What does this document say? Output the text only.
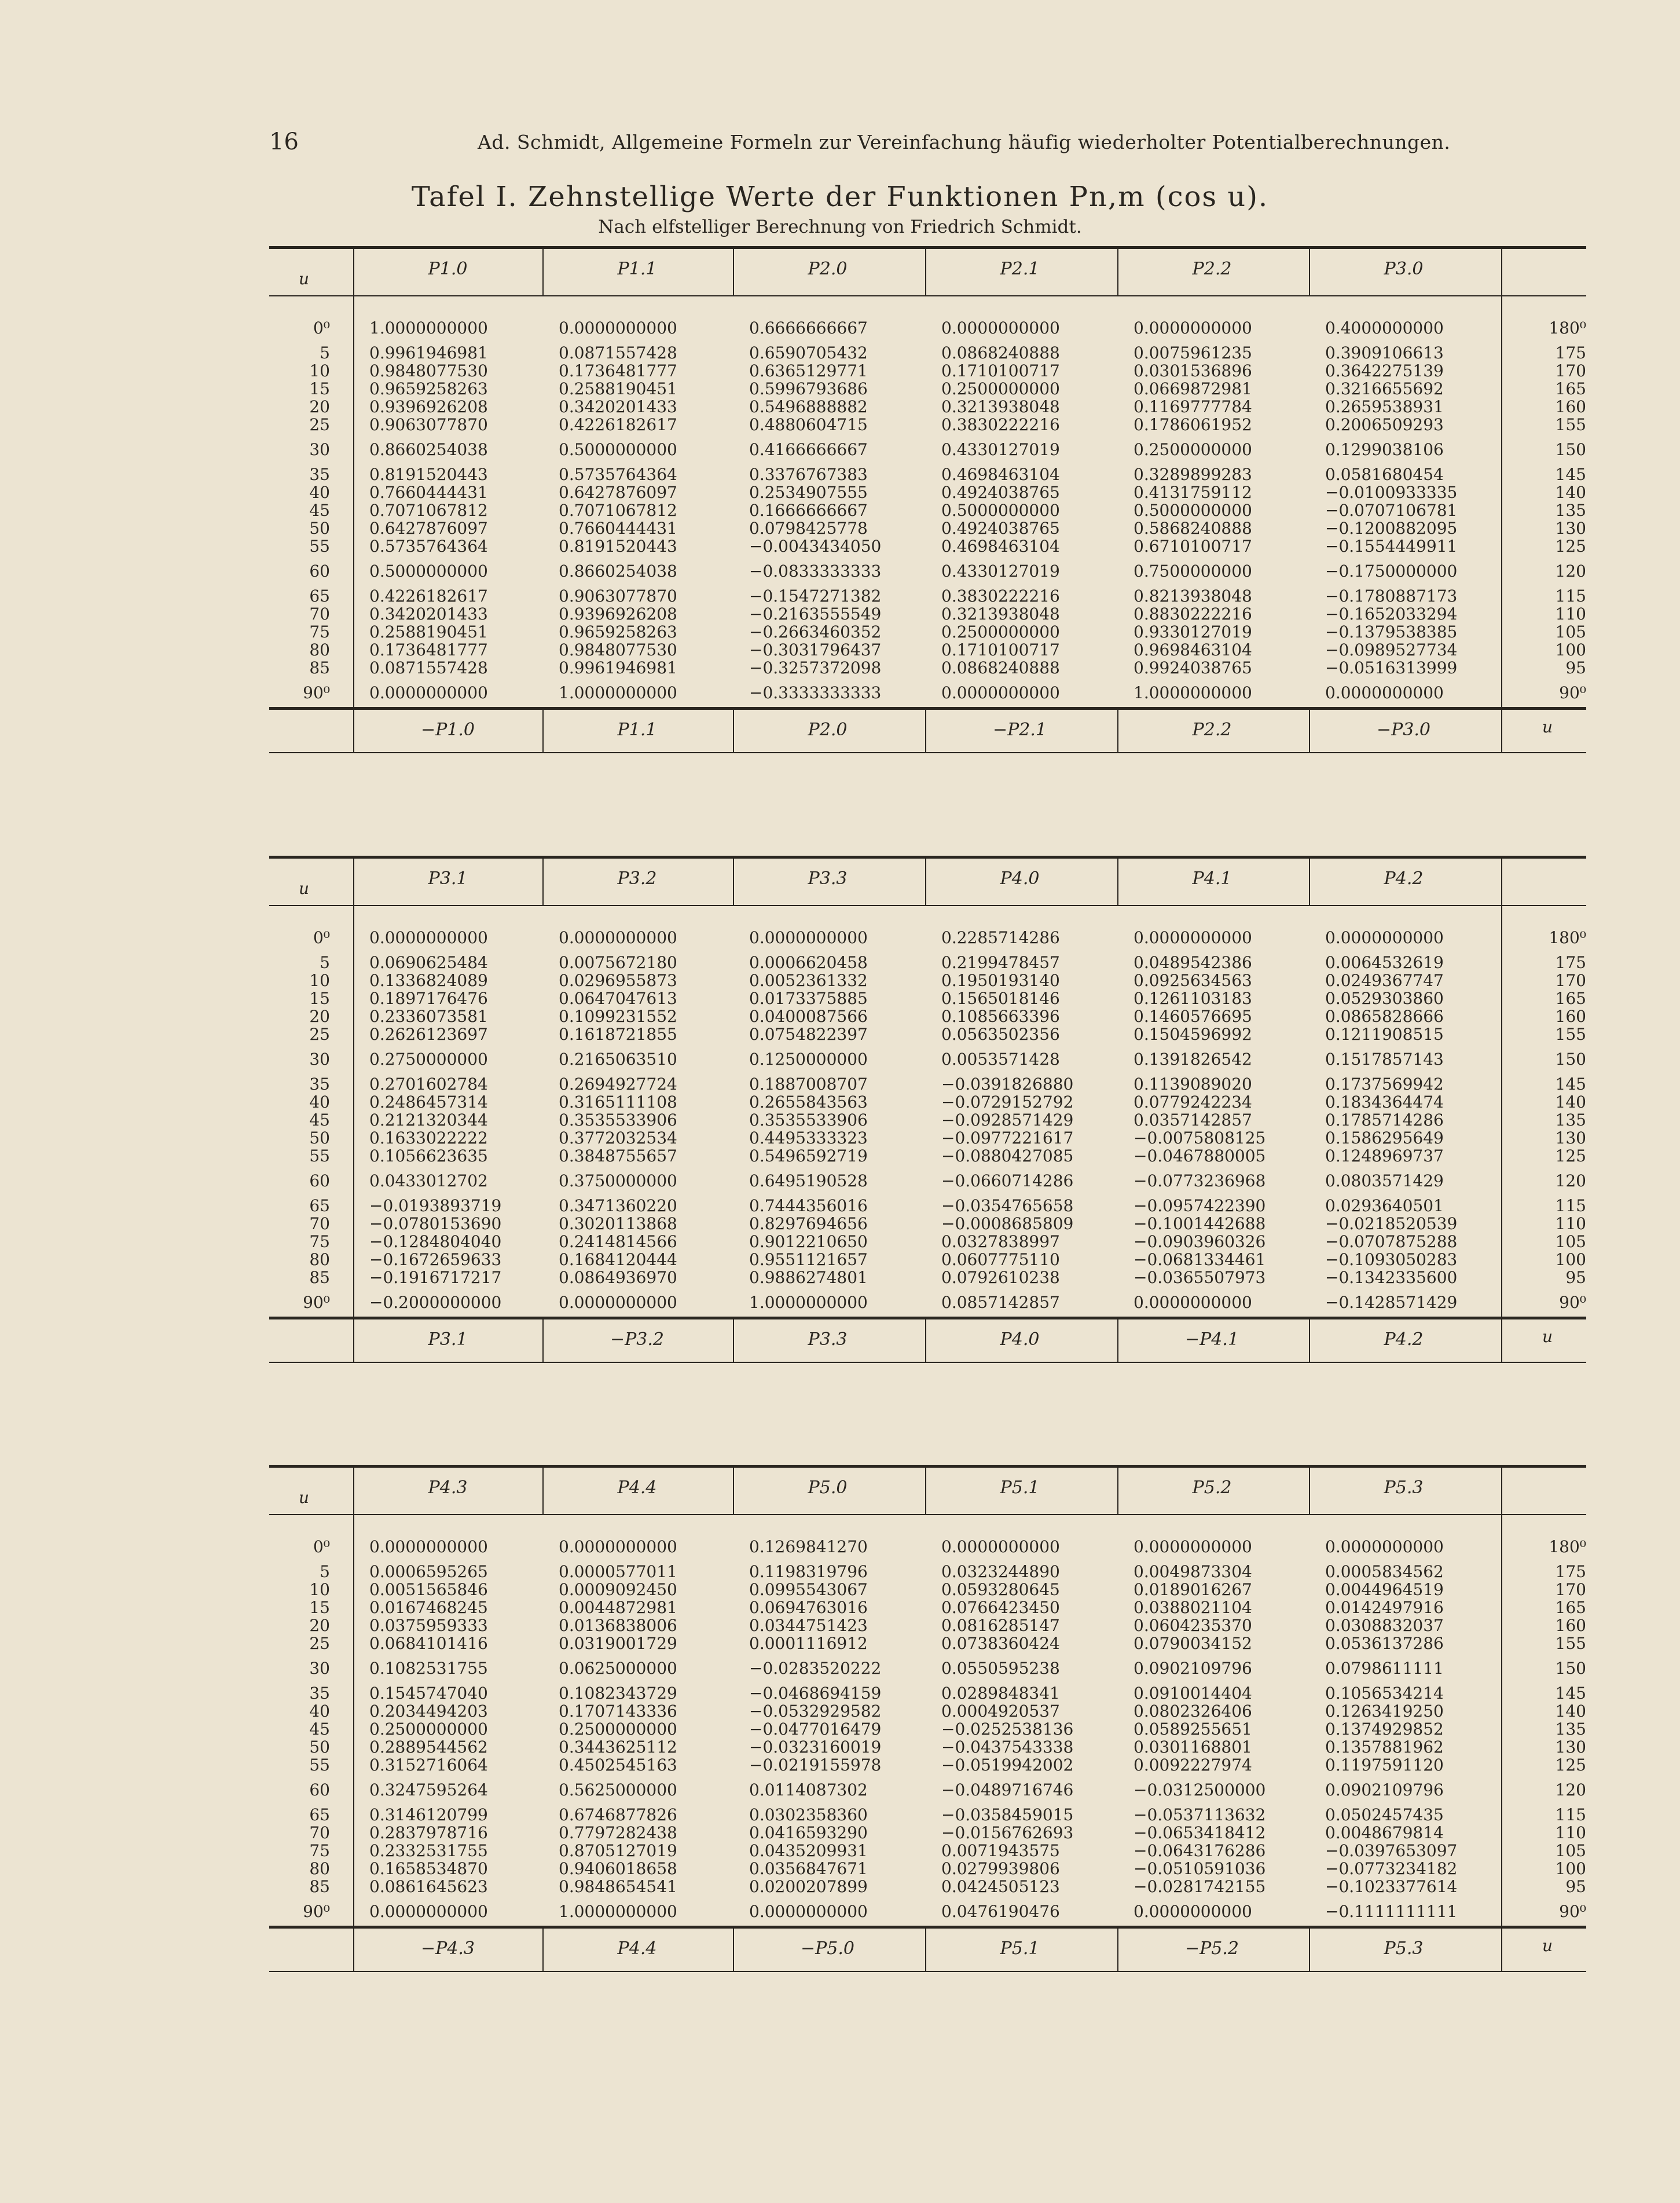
16	Ad. Schmidt, Allgemeine Formeln zur Vereinfachung häufig wiederholter Potentialberechnungen.
Tafel I. Zehnstellige Werte der Funktionen Pn,m (cos u).
Nach elfstelliger Berechnung von Friedrich Schmidt.
u	P1.0	P1.1	P2.0	P2.1	P2.2	P3.0
0⁰ 1.0000000000	0.0000000000	0.6666666667	0.0000000000	0.0000000000	0.4000000000	180⁰
5 0.9961946981	0.0871557428	0.6590705432	0.0868240888	0.0075961235	0.3909106613	175
10 0.9848077530	0.1736481777	0.6365129771	0.1710100717	0.0301536896	0.3642275139	170
15 0.9659258263	0.2588190451	0.5996793686	0.2500000000	0.0669872981	0.3216655692	165
20 0.9396926208	0.3420201433	0.5496888882	0.3213938048	0.1169777784	0.2659538931	160
25 0.9063077870	0.4226182617	0.4880604715	0.3830222216	0.1786061952	0.2006509293	155
30 0.8660254038	0.5000000000	0.4166666667	0.4330127019	0.2500000000	0.1299038106	150
35 0.8191520443	0.5735764364	0.3376767383	0.4698463104	0.3289899283	0.0581680454	145
40 0.7660444431	0.6427876097	0.2534907555	0.4924038765	0.4131759112	−0.0100933335	140
45 0.7071067812	0.7071067812	0.1666666667	0.5000000000	0.5000000000	−0.0707106781	135
50 0.6427876097	0.7660444431	0.0798425778	0.4924038765	0.5868240888	−0.1200882095	130
55 0.5735764364	0.8191520443	−0.0043434050	0.4698463104	0.6710100717	−0.1554449911	125
60 0.5000000000	0.8660254038	−0.0833333333	0.4330127019	0.7500000000	−0.1750000000	120
65 0.4226182617	0.9063077870	−0.1547271382	0.3830222216	0.8213938048	−0.1780887173	115
70 0.3420201433	0.9396926208	−0.2163555549	0.3213938048	0.8830222216	−0.1652033294	110
75 0.2588190451	0.9659258263	−0.2663460352	0.2500000000	0.9330127019	−0.1379538385	105
80 0.1736481777	0.9848077530	−0.3031796437	0.1710100717	0.9698463104	−0.0989527734	100
85 0.0871557428	0.9961946981	−0.3257372098	0.0868240888	0.9924038765	−0.0516313999	95
90⁰ 0.0000000000	1.0000000000	−0.3333333333	0.0000000000	1.0000000000	0.0000000000	90⁰
−P1.0	P1.1	P2.0	−P2.1	P2.2	−P3.0	u
u	P3.1	P3.2	P3.3	P4.0	P4.1	P4.2
0⁰ 0.0000000000	0.0000000000	0.0000000000	0.2285714286	0.0000000000	0.0000000000	180⁰
5 0.0690625484	0.0075672180	0.0006620458	0.2199478457	0.0489542386	0.0064532619	175
10 0.1336824089	0.0296955873	0.0052361332	0.1950193140	0.0925634563	0.0249367747	170
15 0.1897176476	0.0647047613	0.0173375885	0.1565018146	0.1261103183	0.0529303860	165
20 0.2336073581	0.1099231552	0.0400087566	0.1085663396	0.1460576695	0.0865828666	160
25 0.2626123697	0.1618721855	0.0754822397	0.0563502356	0.1504596992	0.1211908515	155
30 0.2750000000	0.2165063510	0.1250000000	0.0053571428	0.1391826542	0.1517857143	150
35 0.2701602784	0.2694927724	0.1887008707	−0.0391826880	0.1139089020	0.1737569942	145
40 0.2486457314	0.3165111108	0.2655843563	−0.0729152792	0.0779242234	0.1834364474	140
45 0.2121320344	0.3535533906	0.3535533906	−0.0928571429	0.0357142857	0.1785714286	135
50 0.1633022222	0.3772032534	0.4495333323	−0.0977221617	−0.0075808125	0.1586295649	130
55 0.1056623635	0.3848755657	0.5496592719	−0.0880427085	−0.0467880005	0.1248969737	125
60 0.0433012702	0.3750000000	0.6495190528	−0.0660714286	−0.0773236968	0.0803571429	120
65 −0.0193893719	0.3471360220	0.7444356016	−0.0354765658	−0.0957422390	0.0293640501	115
70 −0.0780153690	0.3020113868	0.8297694656	−0.0008685809	−0.1001442688	−0.0218520539	110
75 −0.1284804040	0.2414814566	0.9012210650	0.0327838997	−0.0903960326	−0.0707875288	105
80 −0.1672659633	0.1684120444	0.9551121657	0.0607775110	−0.0681334461	−0.1093050283	100
85 −0.1916717217	0.0864936970	0.9886274801	0.0792610238	−0.0365507973	−0.1342335600	95
90⁰ −0.2000000000	0.0000000000	1.0000000000	0.0857142857	0.0000000000	−0.1428571429	90⁰
P3.1	−P3.2	P3.3	P4.0	−P4.1	P4.2	u
u	P4.3	P4.4	P5.0	P5.1	P5.2	P5.3
0⁰ 0.0000000000	0.0000000000	0.1269841270	0.0000000000	0.0000000000	0.0000000000	180⁰
5 0.0006595265	0.0000577011	0.1198319796	0.0323244890	0.0049873304	0.0005834562	175
10 0.0051565846	0.0009092450	0.0995543067	0.0593280645	0.0189016267	0.0044964519	170
15 0.0167468245	0.0044872981	0.0694763016	0.0766423450	0.0388021104	0.0142497916	165
20 0.0375959333	0.0136838006	0.0344751423	0.0816285147	0.0604235370	0.0308832037	160
25 0.0684101416	0.0319001729	0.0001116912	0.0738360424	0.0790034152	0.0536137286	155
30 0.1082531755	0.0625000000	−0.0283520222	0.0550595238	0.0902109796	0.0798611111	150
35 0.1545747040	0.1082343729	−0.0468694159	0.0289848341	0.0910014404	0.1056534214	145
40 0.2034494203	0.1707143336	−0.0532929582	0.0004920537	0.0802326406	0.1263419250	140
45 0.2500000000	0.2500000000	−0.0477016479	−0.0252538136	0.0589255651	0.1374929852	135
50 0.2889544562	0.3443625112	−0.0323160019	−0.0437543338	0.0301168801	0.1357881962	130
55 0.3152716064	0.4502545163	−0.0219155978	−0.0519942002	0.0092227974	0.1197591120	125
60 0.3247595264	0.5625000000	0.0114087302	−0.0489716746	−0.0312500000	0.0902109796	120
65 0.3146120799	0.6746877826	0.0302358360	−0.0358459015	−0.0537113632	0.0502457435	115
70 0.2837978716	0.7797282438	0.0416593290	−0.0156762693	−0.0653418412	0.0048679814	110
75 0.2332531755	0.8705127019	0.0435209931	0.0071943575	−0.0643176286	−0.0397653097	105
80 0.1658534870	0.9406018658	0.0356847671	0.0279939806	−0.0510591036	−0.0773234182	100
85 0.0861645623	0.9848654541	0.0200207899	0.0424505123	−0.0281742155	−0.1023377614	95
90⁰ 0.0000000000	1.0000000000	0.0000000000	0.0476190476	0.0000000000	−0.1111111111	90⁰
−P4.3	P4.4	−P5.0	P5.1	−P5.2	P5.3	u
